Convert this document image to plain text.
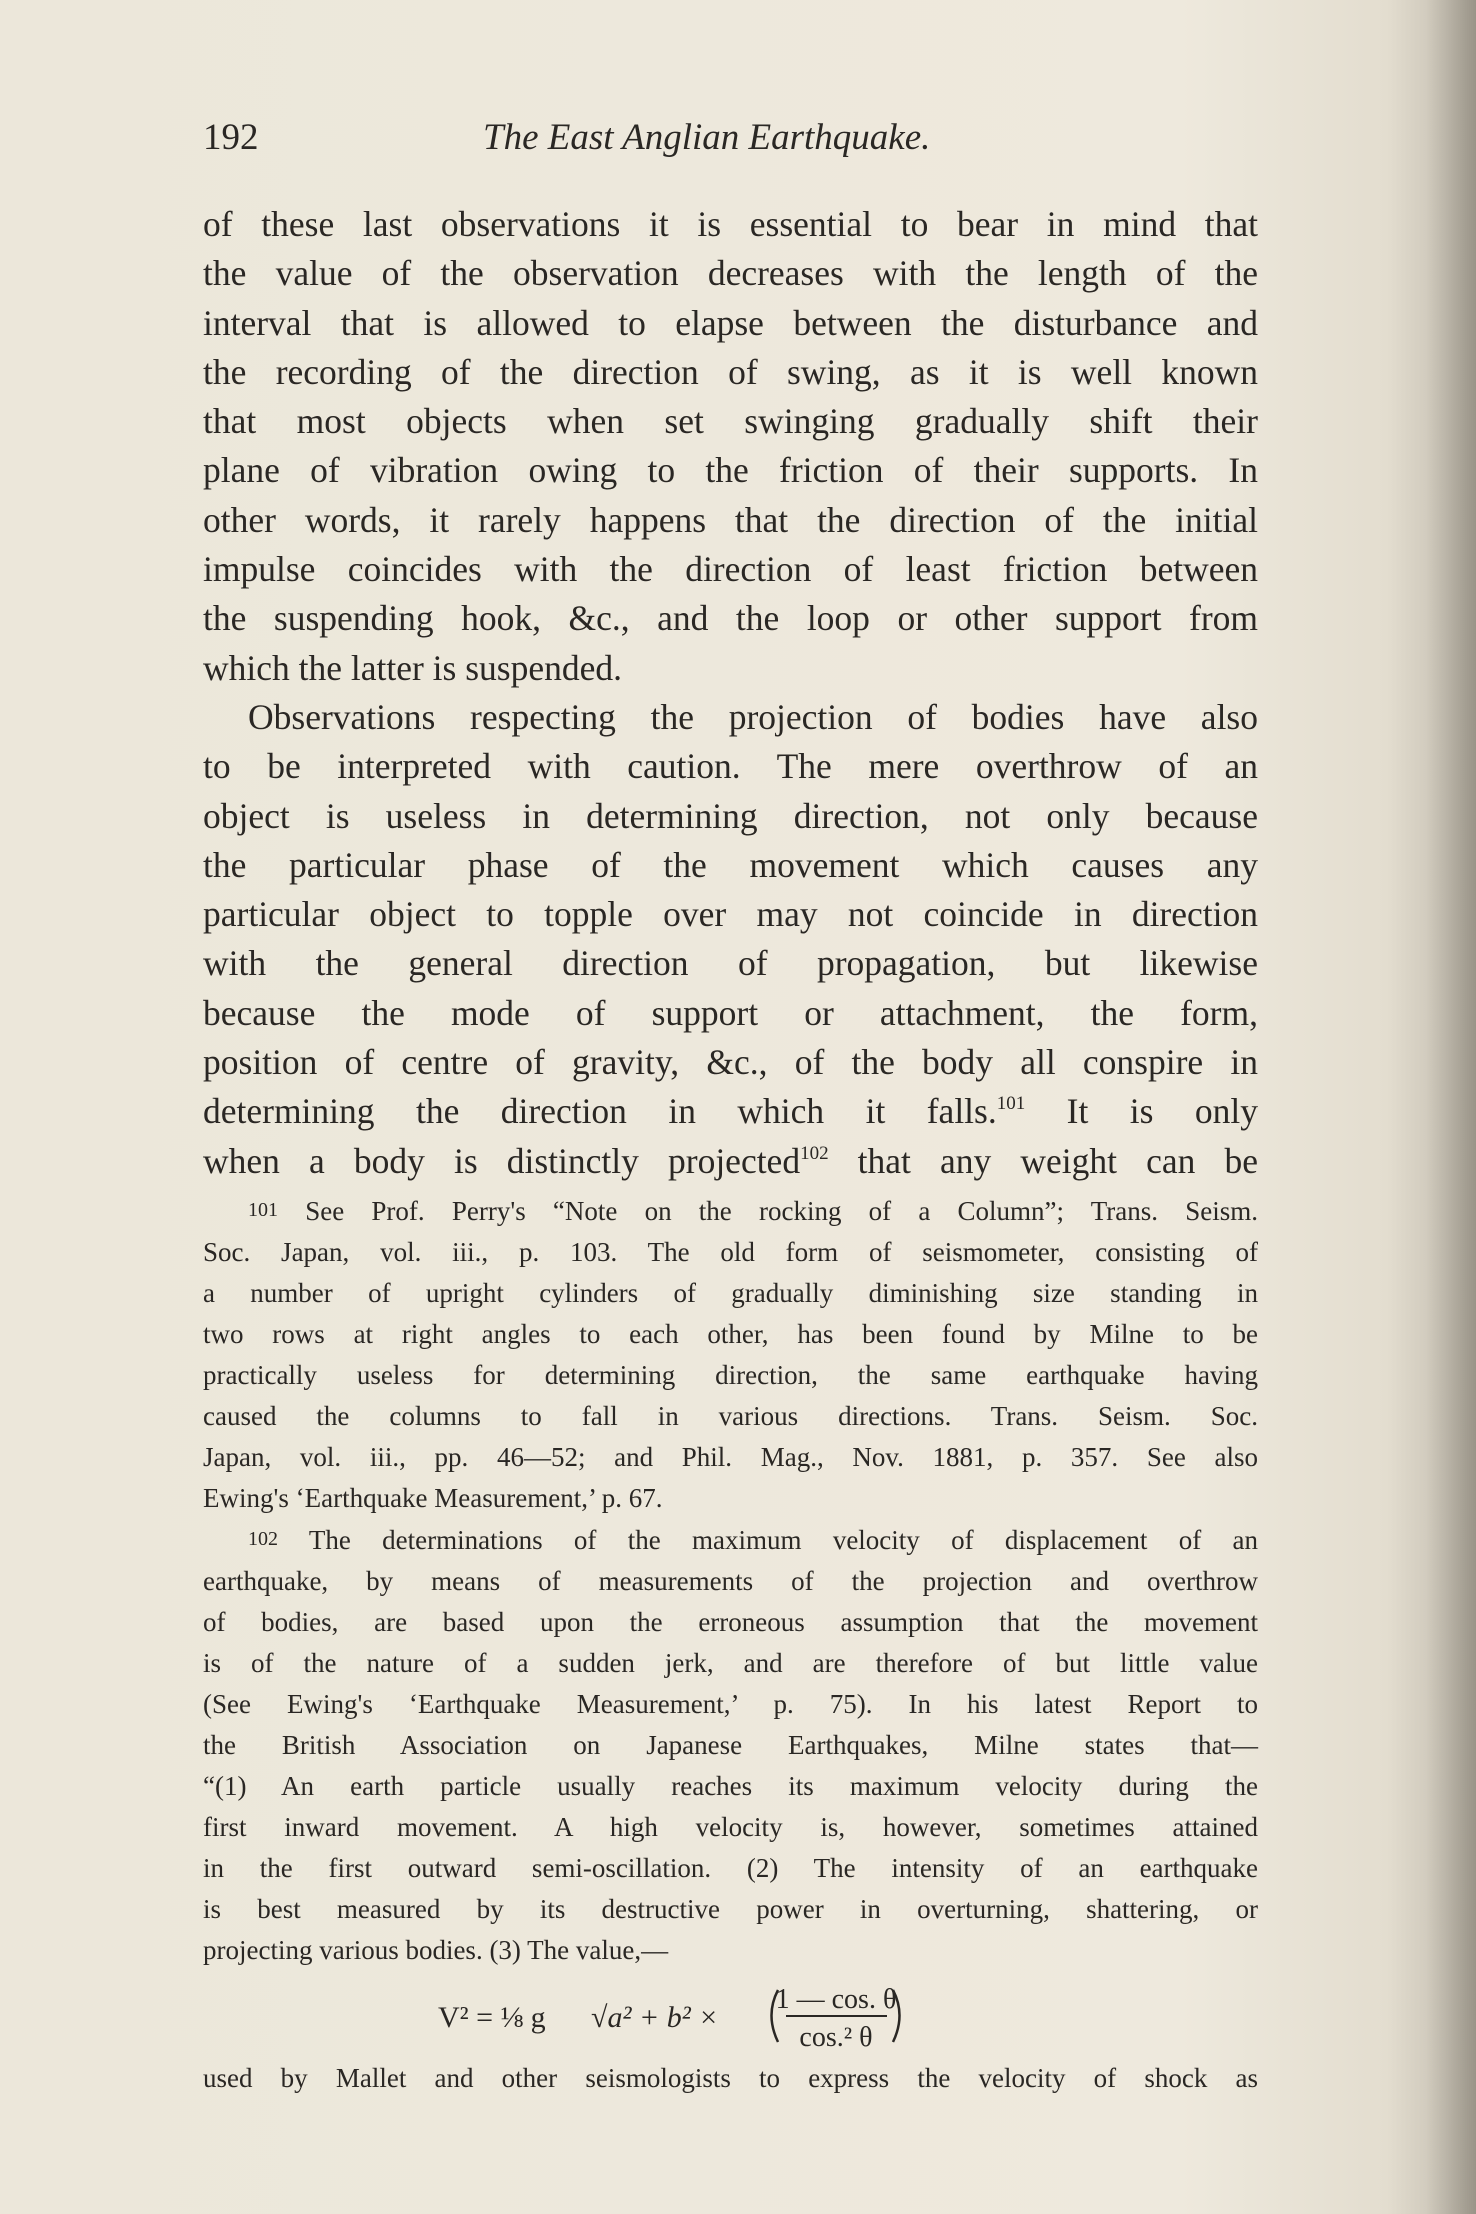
192	The East Anglian Earthquake.

of these last observations it is essential to bear in mind that

the value of the observation decreases with the length of the

interval that is allowed to elapse between the disturbance and

the recording of the direction of swing, as it is well known

that most objects when set swinging gradually shift their

plane of vibration owing to the friction of their supports. In

other words, it rarely happens that the direction of the initial

impulse coincides with the direction of least friction between

the suspending hook, &c., and the loop or other support from

which the latter is suspended.

Observations respecting the projection of bodies have also

to be interpreted with caution. The mere overthrow of an

object is useless in determining direction, not only because

the particular phase of the movement which causes any

particular object to topple over may not coincide in direction

with the general direction of propagation, but likewise

because the mode of support or attachment, the form,

position of centre of gravity, &c., of the body all conspire in

determining the direction in which it falls.$^{101}$ It is only

when a body is distinctly projected$^{102}$ that any weight can be

101 See Prof. Perry's “Note on the rocking of a Column”; Trans. Seism.

Soc. Japan, vol. iii., p. 103. The old form of seismometer, consisting of

a number of upright cylinders of gradually diminishing size standing in

two rows at right angles to each other, has been found by Milne to be

practically useless for determining direction, the same earthquake having

caused the columns to fall in various directions. Trans. Seism. Soc.

Japan, vol. iii., pp. 46—52; and Phil. Mag., Nov. 1881, p. 357. See also

Ewing's ‘Earthquake Measurement,’ p. 67.

102 The determinations of the maximum velocity of displacement of an

earthquake, by means of measurements of the projection and overthrow

of bodies, are based upon the erroneous assumption that the movement

is of the nature of a sudden jerk, and are therefore of but little value

(See Ewing's ‘Earthquake Measurement,’ p. 75). In his latest Report to

the British Association on Japanese Earthquakes, Milne states that—

“(1) An earth particle usually reaches its maximum velocity during the

first inward movement. A high velocity is, however, sometimes attained

in the first outward semi-oscillation. (2) The intensity of an earthquake

is best measured by its destructive power in overturning, shattering, or

projecting various bodies. (3) The value,—

V² = ⅛ g √a² + b² ×
1 — cos. θ
cos.² θ
used by Mallet and other seismologists to express the velocity of shock as
